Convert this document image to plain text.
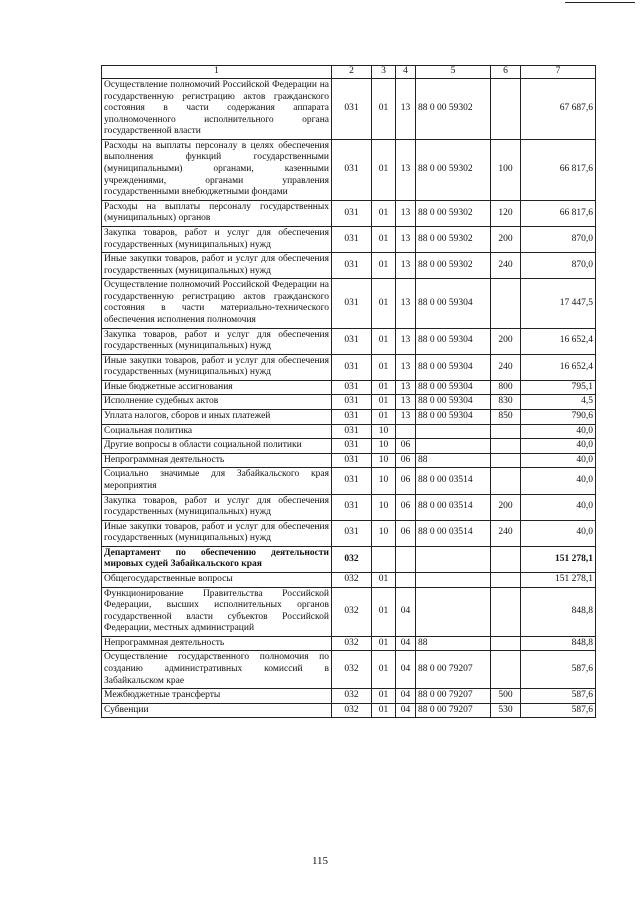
1	2	3	4	5	6	7
Осуществление полномочий Российской Федерации на государственную регистрацию актов гражданского состояния в части содержания аппарата уполномоченного исполнительного органа государственной власти	031	01	13	88 0 00 59302		67 687,6
Расходы на выплаты персоналу в целях обеспечения выполнения функций государственными (муниципальными) органами, казенными учреждениями, органами управления государственными внебюджетными фондами	031	01	13	88 0 00 59302	100	66 817,6
Расходы на выплаты персоналу государственных (муниципальных) органов	031	01	13	88 0 00 59302	120	66 817,6
Закупка товаров, работ и услуг для обеспечения государственных (муниципальных) нужд	031	01	13	88 0 00 59302	200	870,0
Иные закупки товаров, работ и услуг для обеспечения государственных (муниципальных) нужд	031	01	13	88 0 00 59302	240	870,0
Осуществление полномочий Российской Федерации на государственную регистрацию актов гражданского состояния в части материально-технического обеспечения исполнения полномочия	031	01	13	88 0 00 59304		17 447,5
Закупка товаров, работ и услуг для обеспечения государственных (муниципальных) нужд	031	01	13	88 0 00 59304	200	16 652,4
Иные закупки товаров, работ и услуг для обеспечения государственных (муниципальных) нужд	031	01	13	88 0 00 59304	240	16 652,4
Иные бюджетные ассигнования	031	01	13	88 0 00 59304	800	795,1
Исполнение судебных актов	031	01	13	88 0 00 59304	830	4,5
Уплата налогов, сборов и иных платежей	031	01	13	88 0 00 59304	850	790,6
Социальная политика	031	10				40,0
Другие вопросы в области социальной политики	031	10	06			40,0
Непрограммная деятельность	031	10	06	88		40,0
Социально значимые для Забайкальского края мероприятия	031	10	06	88 0 00 03514		40,0
Закупка товаров, работ и услуг для обеспечения государственных (муниципальных) нужд	031	10	06	88 0 00 03514	200	40,0
Иные закупки товаров, работ и услуг для обеспечения государственных (муниципальных) нужд	031	10	06	88 0 00 03514	240	40,0
Департамент по обеспечению деятельности мировых судей Забайкальского края	032					151 278,1
Общегосударственные вопросы	032	01				151 278,1
Функционирование Правительства Российской Федерации, высших исполнительных органов государственной власти субъектов Российской Федерации, местных администраций	032	01	04			848,8
Непрограммная деятельность	032	01	04	88		848,8
Осуществление государственного полномочия по созданию административных комиссий в Забайкальском крае	032	01	04	88 0 00 79207		587,6
Межбюджетные трансферты	032	01	04	88 0 00 79207	500	587,6
Субвенции	032	01	04	88 0 00 79207	530	587,6
115
